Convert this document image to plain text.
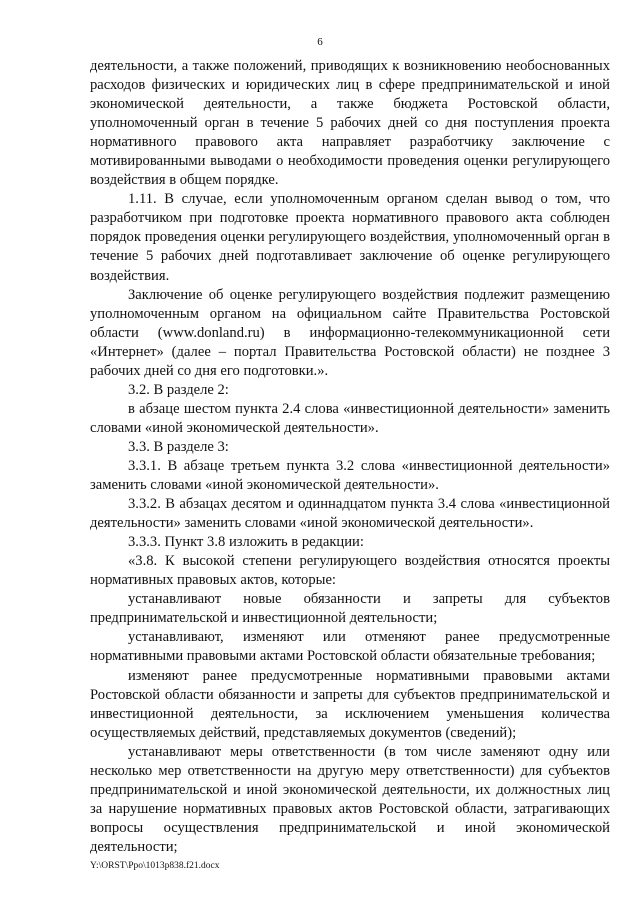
6

деятельности, а также положений, приводящих к возникновению необоснованных расходов физических и юридических лиц в сфере предпринимательской и иной экономической деятельности, а также бюджета Ростовской области, уполномоченный орган в течение 5 рабочих дней со дня поступления проекта нормативного правового акта направляет разработчику заключение с мотивированными выводами о необходимости проведения оценки регулирующего воздействия в общем порядке.

1.11. В случае, если уполномоченным органом сделан вывод о том, что разработчиком при подготовке проекта нормативного правового акта соблюден порядок проведения оценки регулирующего воздействия, уполномоченный орган в течение 5 рабочих дней подготавливает заключение об оценке регулирующего воздействия.

Заключение об оценке регулирующего воздействия подлежит размещению уполномоченным органом на официальном сайте Правительства Ростовской области (www.donland.ru) в информационно-телекоммуникационной сети «Интернет» (далее – портал Правительства Ростовской области) не позднее 3 рабочих дней со дня его подготовки.».

3.2. В разделе 2:

в абзаце шестом пункта 2.4 слова «инвестиционной деятельности» заменить словами «иной экономической деятельности».

3.3. В разделе 3:

3.3.1. В абзаце третьем пункта 3.2 слова «инвестиционной деятельности» заменить словами «иной экономической деятельности».

3.3.2. В абзацах десятом и одиннадцатом пункта 3.4 слова «инвестиционной деятельности» заменить словами «иной экономической деятельности».

3.3.3. Пункт 3.8 изложить в редакции:

«3.8. К высокой степени регулирующего воздействия относятся проекты нормативных правовых актов, которые:

устанавливают новые обязанности и запреты для субъектов предпринимательской и инвестиционной деятельности;

устанавливают, изменяют или отменяют ранее предусмотренные нормативными правовыми актами Ростовской области обязательные требования;

изменяют ранее предусмотренные нормативными правовыми актами Ростовской области обязанности и запреты для субъектов предпринимательской и инвестиционной деятельности, за исключением уменьшения количества осуществляемых действий, представляемых документов (сведений);

устанавливают меры ответственности (в том числе заменяют одну или несколько мер ответственности на другую меру ответственности) для субъектов предпринимательской и иной экономической деятельности, их должностных лиц за нарушение нормативных правовых актов Ростовской области, затрагивающих вопросы осуществления предпринимательской и иной экономической деятельности;

Y:\ORST\Ppo\1013p838.f21.docx
